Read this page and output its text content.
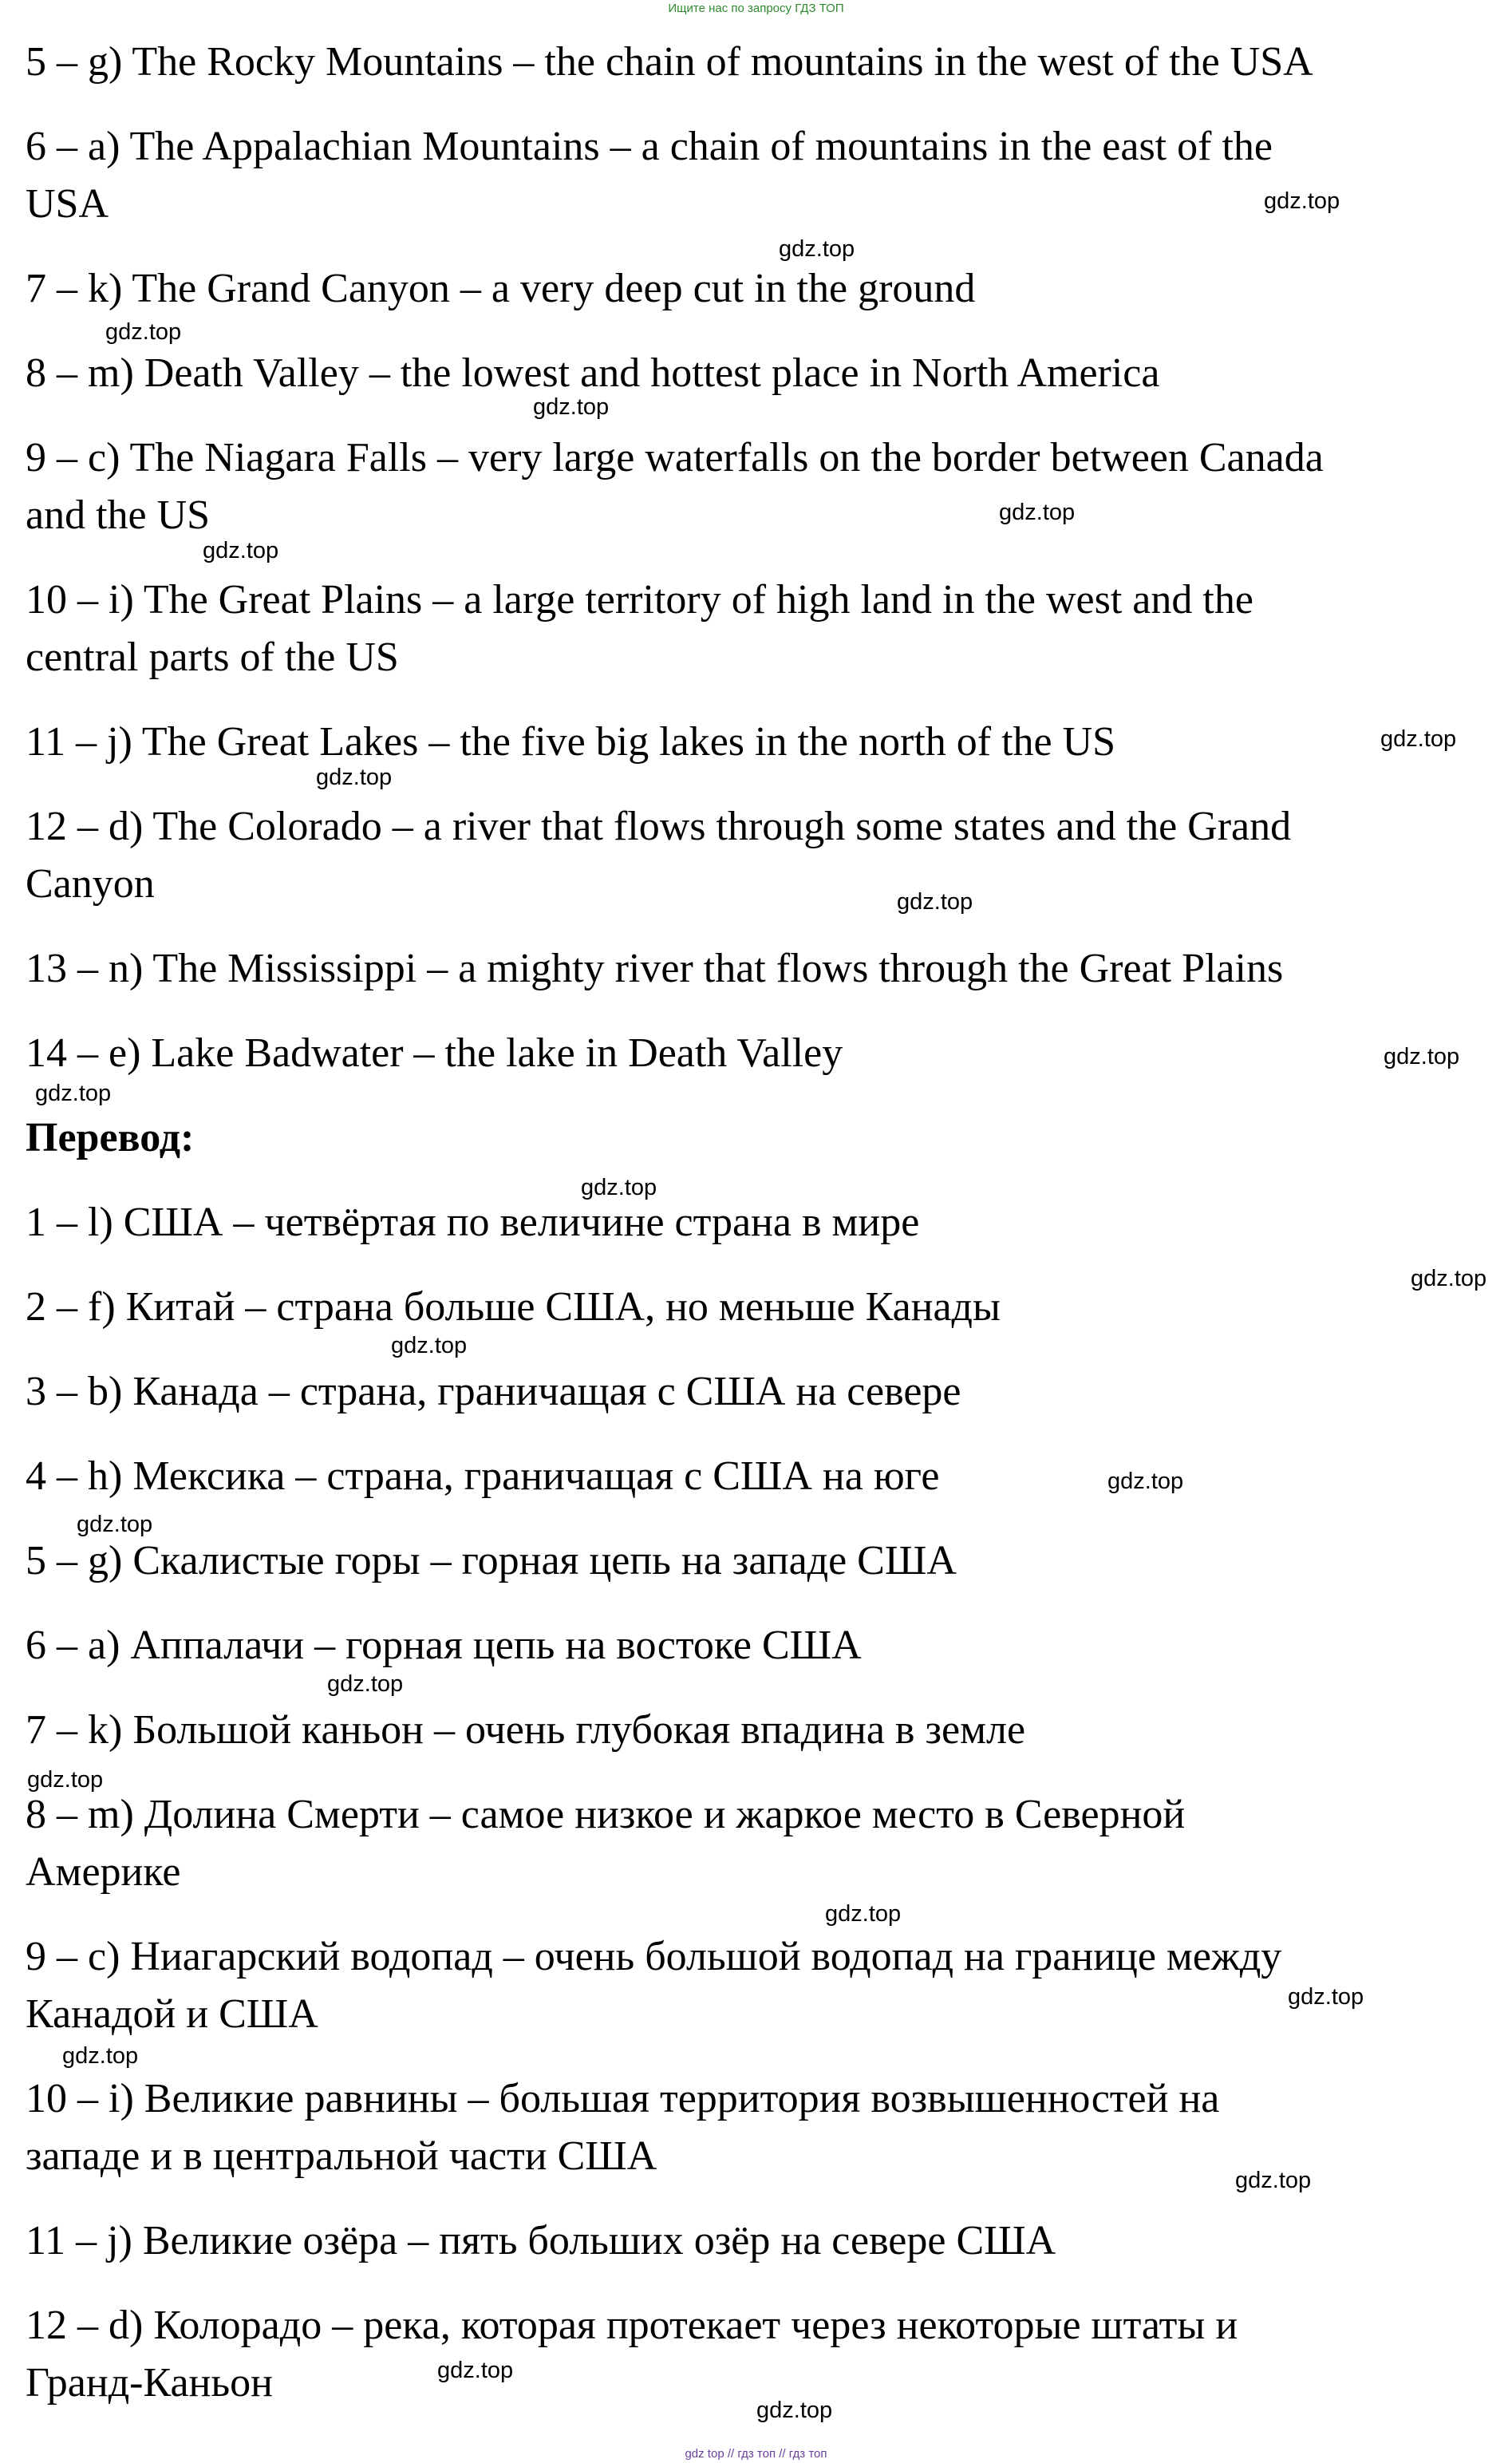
Ищите нас по запросу ГДЗ ТОП
5 – g) The Rocky Mountains – the chain of mountains in the west of the USA
6 – a) The Appalachian Mountains – a chain of mountains in the east of the
USA
7 – k) The Grand Canyon – a very deep cut in the ground
8 – m) Death Valley – the lowest and hottest place in North America
9 – c) The Niagara Falls – very large waterfalls on the border between Canada
and the US
10 – i) The Great Plains – a large territory of high land in the west and the
central parts of the US
11 – j) The Great Lakes – the five big lakes in the north of the US
12 – d) The Colorado – a river that flows through some states and the Grand
Canyon
13 – n) The Mississippi – a mighty river that flows through the Great Plains
14 – e) Lake Badwater – the lake in Death Valley
Перевод:
1 – l) США – четвёртая по величине страна в мире
2 – f) Китай – страна больше США, но меньше Канады
3 – b) Канада – страна, граничащая с США на севере
4 – h) Мексика – страна, граничащая с США на юге
5 – g) Скалистые горы – горная цепь на западе США
6 – a) Аппалачи – горная цепь на востоке США
7 – k) Большой каньон – очень глубокая впадина в земле
8 – m) Долина Смерти – самое низкое и жаркое место в Северной
Америке
9 – c) Ниагарский водопад – очень большой водопад на границе между
Канадой и США
10 – i) Великие равнины – большая территория возвышенностей на
западе и в центральной части США
11 – j) Великие озёра – пять больших озёр на севере США
12 – d) Колорадо – река, которая протекает через некоторые штаты и
Гранд-Каньон
gdz.top
gdz.top
gdz.top
gdz.top
gdz.top
gdz.top
gdz.top
gdz.top
gdz.top
gdz.top
gdz.top
gdz.top
gdz.top
gdz.top
gdz.top
gdz.top
gdz.top
gdz.top
gdz.top
gdz.top
gdz.top
gdz.top
gdz.top
gdz.top
gdz top // гдз топ // гдз топ
